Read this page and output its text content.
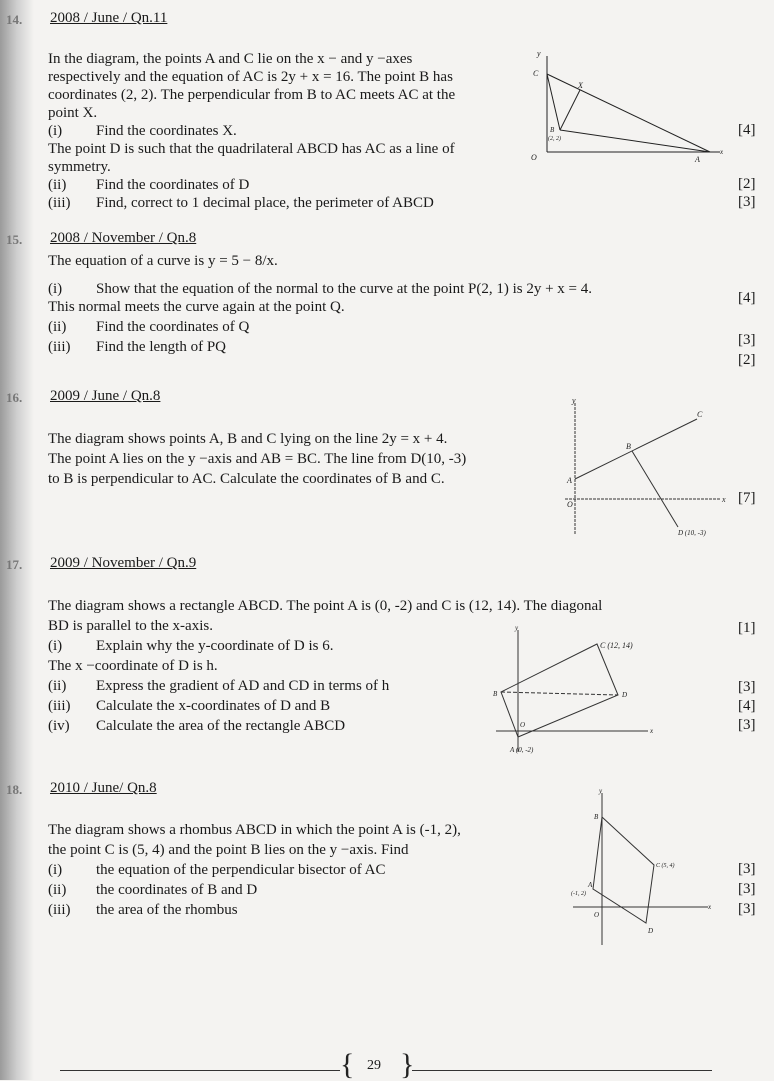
14. 2008 / June / Qn.11
In the diagram, the points A and C lie on the x − and y −axes
respectively and the equation of AC is 2y + x = 16. The point B has
coordinates (2, 2). The perpendicular from B to AC meets AC at the
point X.
(i) Find the coordinates X.	[4]
The point D is such that the quadrilateral ABCD has AC as a line of
symmetry.
(ii) Find the coordinates of D	[2]
(iii) Find, correct to 1 decimal place, the perimeter of ABCD	[3]
y
C
X
B
(2, 2)
O	A
x
15. 2008 / November / Qn.8
The equation of a curve is y = 5 − 8/x.
(i) Show that the equation of the normal to the curve at the point P(2, 1) is 2y + x = 4.
[4]
This normal meets the curve again at the point Q.
(ii) Find the coordinates of Q
[3]
(iii) Find the length of PQ
[2]
16. 2009 / June / Qn.8
The diagram shows points A, B and C lying on the line 2y = x + 4.
The point A lies on the y −axis and AB = BC. The line from D(10, -3)
to B is perpendicular to AC. Calculate the coordinates of B and C.
[7]
y
C
B
A
O
x
D (10, -3)
17. 2009 / November / Qn.9
The diagram shows a rectangle ABCD. The point A is (0, -2) and C is (12, 14). The diagonal
BD is parallel to the x-axis.	[1]
(i) Explain why the y-coordinate of D is 6.
The x −coordinate of D is h.
(ii) Express the gradient of AD and CD in terms of h	[3]
(iii) Calculate the x-coordinates of D and B	[4]
(iv) Calculate the area of the rectangle ABCD	[3]
y
C (12, 14)
B	D
O
x
A (0, -2)
18. 2010 / June/ Qn.8
The diagram shows a rhombus ABCD in which the point A is (-1, 2),
the point C is (5, 4) and the point B lies on the y −axis. Find
(i) the equation of the perpendicular bisector of AC	[3]
(ii) the coordinates of B and D	[3]
(iii) the area of the rhombus	[3]
y
B
C (5, 4)
A
(-1, 2)
O
x
D
{ }
29
